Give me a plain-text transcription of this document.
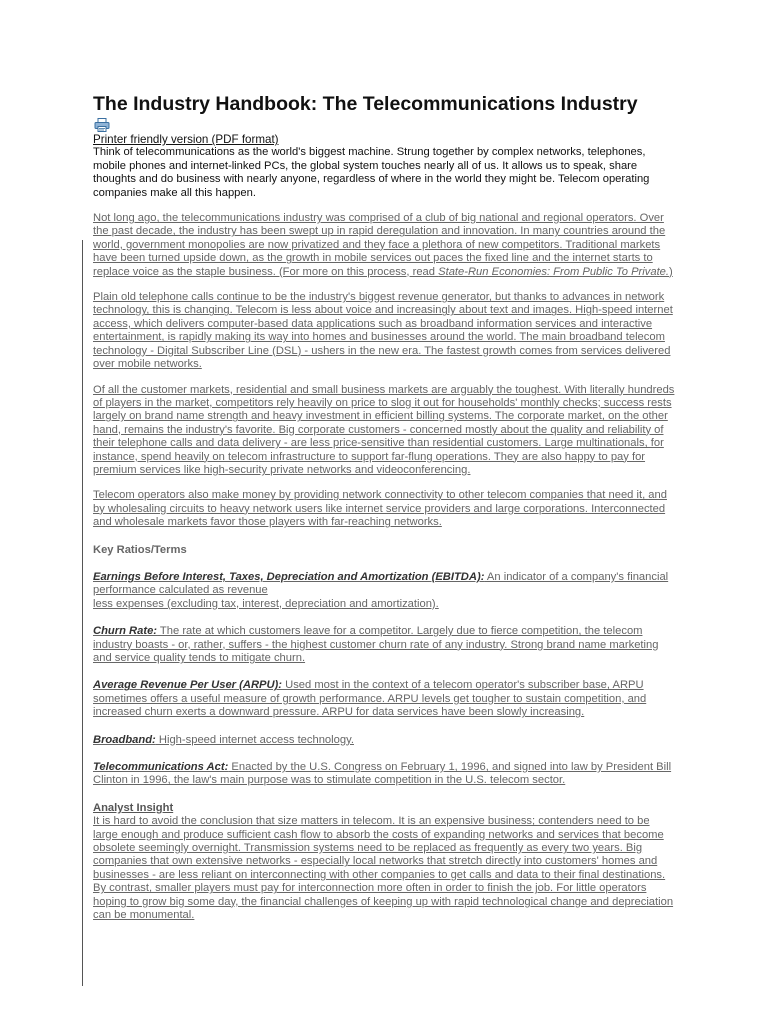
The Industry Handbook: The Telecommunications Industry
Printer friendly version (PDF format)

Think of telecommunications as the world's biggest machine. Strung together by complex networks, telephones, mobile phones and internet-linked PCs, the global system touches nearly all of us. It allows us to speak, share thoughts and do business with nearly anyone, regardless of where in the world they might be. Telecom operating companies make all this happen.

Not long ago, the telecommunications industry was comprised of a club of big national and regional operators. Over the past decade, the industry has been swept up in rapid deregulation and innovation. In many countries around the world, government monopolies are now privatized and they face a plethora of new competitors. Traditional markets have been turned upside down, as the growth in mobile services out paces the fixed line and the internet starts to replace voice as the staple business. (For more on this process, read State-Run Economies: From Public To Private.)

Plain old telephone calls continue to be the industry's biggest revenue generator, but thanks to advances in network technology, this is changing. Telecom is less about voice and increasingly about text and images. High-speed internet access, which delivers computer-based data applications such as broadband information services and interactive entertainment, is rapidly making its way into homes and businesses around the world. The main broadband telecom technology - Digital Subscriber Line (DSL) - ushers in the new era. The fastest growth comes from services delivered over mobile networks.

Of all the customer markets, residential and small business markets are arguably the toughest. With literally hundreds of players in the market, competitors rely heavily on price to slog it out for households' monthly checks; success rests largely on brand name strength and heavy investment in efficient billing systems. The corporate market, on the other hand, remains the industry's favorite. Big corporate customers - concerned mostly about the quality and reliability of their telephone calls and data delivery - are less price-sensitive than residential customers. Large multinationals, for instance, spend heavily on telecom infrastructure to support far-flung operations. They are also happy to pay for premium services like high-security private networks and videoconferencing.

Telecom operators also make money by providing network connectivity to other telecom companies that need it, and by wholesaling circuits to heavy network users like internet service providers and large corporations. Interconnected and wholesale markets favor those players with far-reaching networks.

Key Ratios/Terms

Earnings Before Interest, Taxes, Depreciation and Amortization (EBITDA): An indicator of a company's financial performance calculated as revenue
less expenses (excluding tax, interest, depreciation and amortization).

Churn Rate: The rate at which customers leave for a competitor. Largely due to fierce competition, the telecom industry boasts - or, rather, suffers - the highest customer churn rate of any industry. Strong brand name marketing and service quality tends to mitigate churn.

Average Revenue Per User (ARPU): Used most in the context of a telecom operator's subscriber base, ARPU sometimes offers a useful measure of growth performance. ARPU levels get tougher to sustain competition, and increased churn exerts a downward pressure. ARPU for data services have been slowly increasing.

Broadband: High-speed internet access technology.

Telecommunications Act: Enacted by the U.S. Congress on February 1, 1996, and signed into law by President Bill Clinton in 1996, the law's main purpose was to stimulate competition in the U.S. telecom sector.

Analyst Insight
It is hard to avoid the conclusion that size matters in telecom. It is an expensive business; contenders need to be large enough and produce sufficient cash flow to absorb the costs of expanding networks and services that become obsolete seemingly overnight. Transmission systems need to be replaced as frequently as every two years. Big companies that own extensive networks - especially local networks that stretch directly into customers' homes and businesses - are less reliant on interconnecting with other companies to get calls and data to their final destinations. By contrast, smaller players must pay for interconnection more often in order to finish the job. For little operators hoping to grow big some day, the financial challenges of keeping up with rapid technological change and depreciation can be monumental.
